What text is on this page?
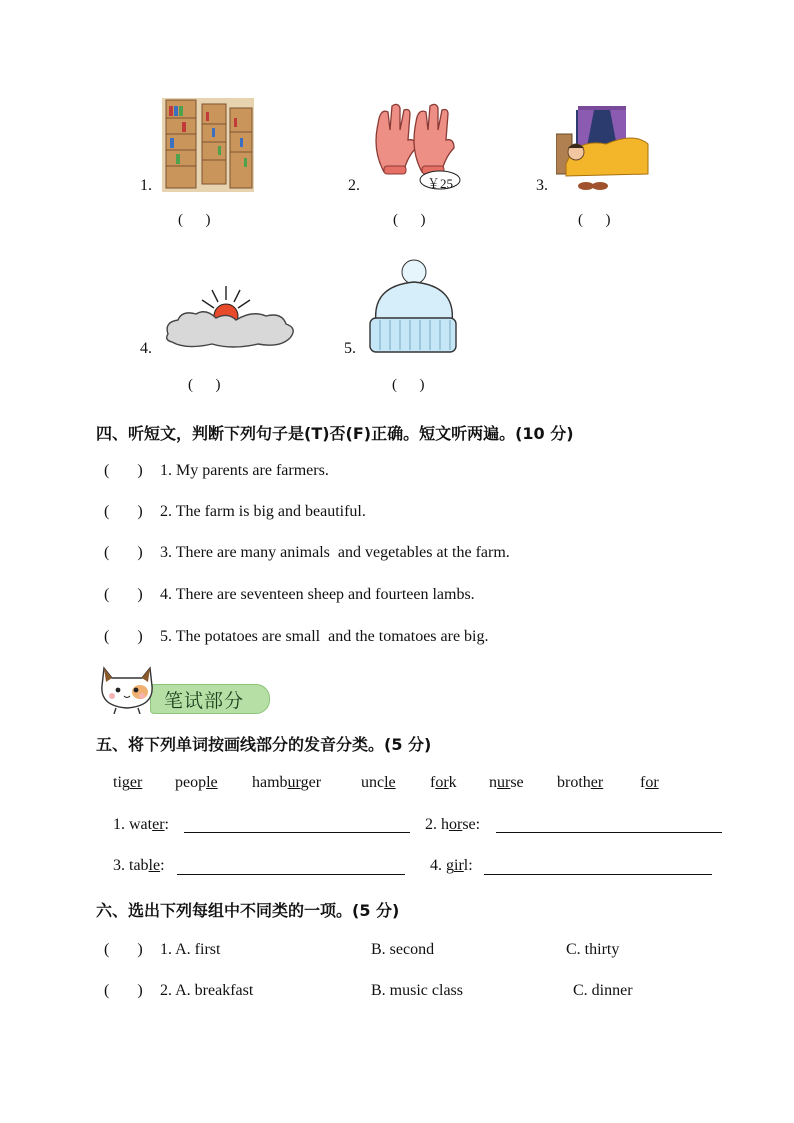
1.
(      )
2.	￥25
(      )
3.
(      )
4.
(      )
5.
(      )
四、听短文，判断下列句子是(T)否(F)正确。短文听两遍。(10 分)
(       ) 1. My parents are farmers.
(       ) 2. The farm is big and beautiful.
(       ) 3. There are many animals  and vegetables at the farm.
(       ) 4. There are seventeen sheep and fourteen lambs.
(       ) 5. The potatoes are small  and the tomatoes are big.
笔试部分
五、将下列单词按画线部分的发音分类。(5 分)
tiger people hamburger uncle fork nurse brother for
1. water:	2. horse:
3. table:	4. girl:
六、选出下列每组中不同类的一项。(5 分)
(       ) 1. A. first	B. second	C. thirty
(       ) 2. A. breakfast	B. music class	C. dinner
